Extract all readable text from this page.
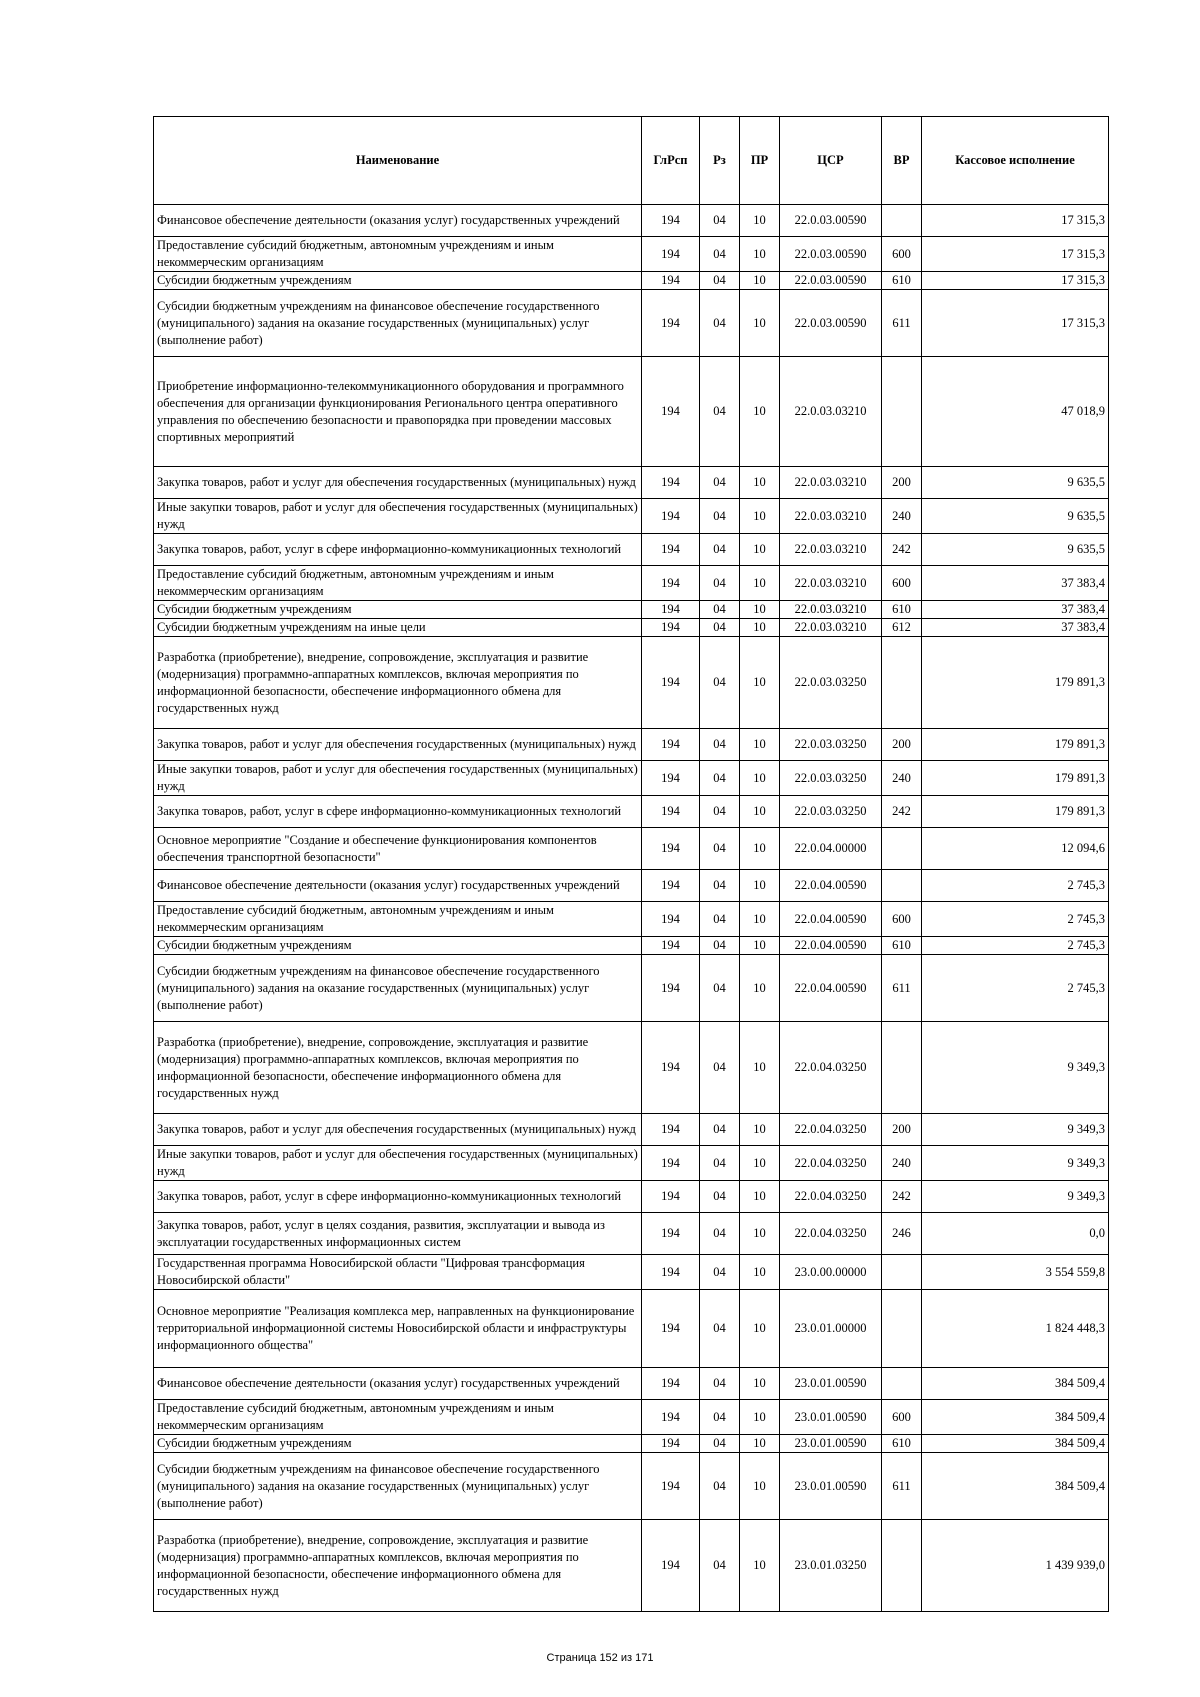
Наименование	ГлРсп	Рз	ПР	ЦСР	ВР	Кассовое исполнение
Финансовое обеспечение деятельности (оказания услуг) государственных учреждений	194	04	10	22.0.03.00590		17 315,3
Предоставление субсидий бюджетным, автономным учреждениям и иным некоммерческим организациям	194	04	10	22.0.03.00590	600	17 315,3
Субсидии бюджетным учреждениям	194	04	10	22.0.03.00590	610	17 315,3
Субсидии бюджетным учреждениям на финансовое обеспечение государственного (муниципального) задания на оказание государственных (муниципальных) услуг (выполнение работ)	194	04	10	22.0.03.00590	611	17 315,3
Приобретение информационно-телекоммуникационного оборудования и программного обеспечения для организации функционирования Регионального центра оперативного управления по обеспечению безопасности и правопорядка при проведении массовых спортивных мероприятий	194	04	10	22.0.03.03210		47 018,9
Закупка товаров, работ и услуг для обеспечения государственных (муниципальных) нужд	194	04	10	22.0.03.03210	200	9 635,5
Иные закупки товаров, работ и услуг для обеспечения государственных (муниципальных) нужд	194	04	10	22.0.03.03210	240	9 635,5
Закупка товаров, работ, услуг в сфере информационно-коммуникационных технологий	194	04	10	22.0.03.03210	242	9 635,5
Предоставление субсидий бюджетным, автономным учреждениям и иным некоммерческим организациям	194	04	10	22.0.03.03210	600	37 383,4
Субсидии бюджетным учреждениям	194	04	10	22.0.03.03210	610	37 383,4
Субсидии бюджетным учреждениям на иные цели	194	04	10	22.0.03.03210	612	37 383,4
Разработка (приобретение), внедрение, сопровождение, эксплуатация и развитие (модернизация) программно-аппаратных комплексов, включая мероприятия по информационной безопасности, обеспечение информационного обмена для государственных нужд	194	04	10	22.0.03.03250		179 891,3
Закупка товаров, работ и услуг для обеспечения государственных (муниципальных) нужд	194	04	10	22.0.03.03250	200	179 891,3
Иные закупки товаров, работ и услуг для обеспечения государственных (муниципальных) нужд	194	04	10	22.0.03.03250	240	179 891,3
Закупка товаров, работ, услуг в сфере информационно-коммуникационных технологий	194	04	10	22.0.03.03250	242	179 891,3
Основное мероприятие "Создание и обеспечение функционирования компонентов обеспечения транспортной безопасности"	194	04	10	22.0.04.00000		12 094,6
Финансовое обеспечение деятельности (оказания услуг) государственных учреждений	194	04	10	22.0.04.00590		2 745,3
Предоставление субсидий бюджетным, автономным учреждениям и иным некоммерческим организациям	194	04	10	22.0.04.00590	600	2 745,3
Субсидии бюджетным учреждениям	194	04	10	22.0.04.00590	610	2 745,3
Субсидии бюджетным учреждениям на финансовое обеспечение государственного (муниципального) задания на оказание государственных (муниципальных) услуг (выполнение работ)	194	04	10	22.0.04.00590	611	2 745,3
Разработка (приобретение), внедрение, сопровождение, эксплуатация и развитие (модернизация) программно-аппаратных комплексов, включая мероприятия по информационной безопасности, обеспечение информационного обмена для государственных нужд	194	04	10	22.0.04.03250		9 349,3
Закупка товаров, работ и услуг для обеспечения государственных (муниципальных) нужд	194	04	10	22.0.04.03250	200	9 349,3
Иные закупки товаров, работ и услуг для обеспечения государственных (муниципальных) нужд	194	04	10	22.0.04.03250	240	9 349,3
Закупка товаров, работ, услуг в сфере информационно-коммуникационных технологий	194	04	10	22.0.04.03250	242	9 349,3
Закупка товаров, работ, услуг в целях создания, развития, эксплуатации и вывода из эксплуатации государственных информационных систем	194	04	10	22.0.04.03250	246	0,0
Государственная программа Новосибирской области "Цифровая трансформация Новосибирской области"	194	04	10	23.0.00.00000		3 554 559,8
Основное мероприятие "Реализация комплекса мер, направленных на функционирование территориальной информационной системы Новосибирской области и инфраструктуры информационного общества"	194	04	10	23.0.01.00000		1 824 448,3
Финансовое обеспечение деятельности (оказания услуг) государственных учреждений	194	04	10	23.0.01.00590		384 509,4
Предоставление субсидий бюджетным, автономным учреждениям и иным некоммерческим организациям	194	04	10	23.0.01.00590	600	384 509,4
Субсидии бюджетным учреждениям	194	04	10	23.0.01.00590	610	384 509,4
Субсидии бюджетным учреждениям на финансовое обеспечение государственного (муниципального) задания на оказание государственных (муниципальных) услуг (выполнение работ)	194	04	10	23.0.01.00590	611	384 509,4
Разработка (приобретение), внедрение, сопровождение, эксплуатация и развитие (модернизация) программно-аппаратных комплексов, включая мероприятия по информационной безопасности, обеспечение информационного обмена для государственных нужд	194	04	10	23.0.01.03250		1 439 939,0
Страница 152 из 171
